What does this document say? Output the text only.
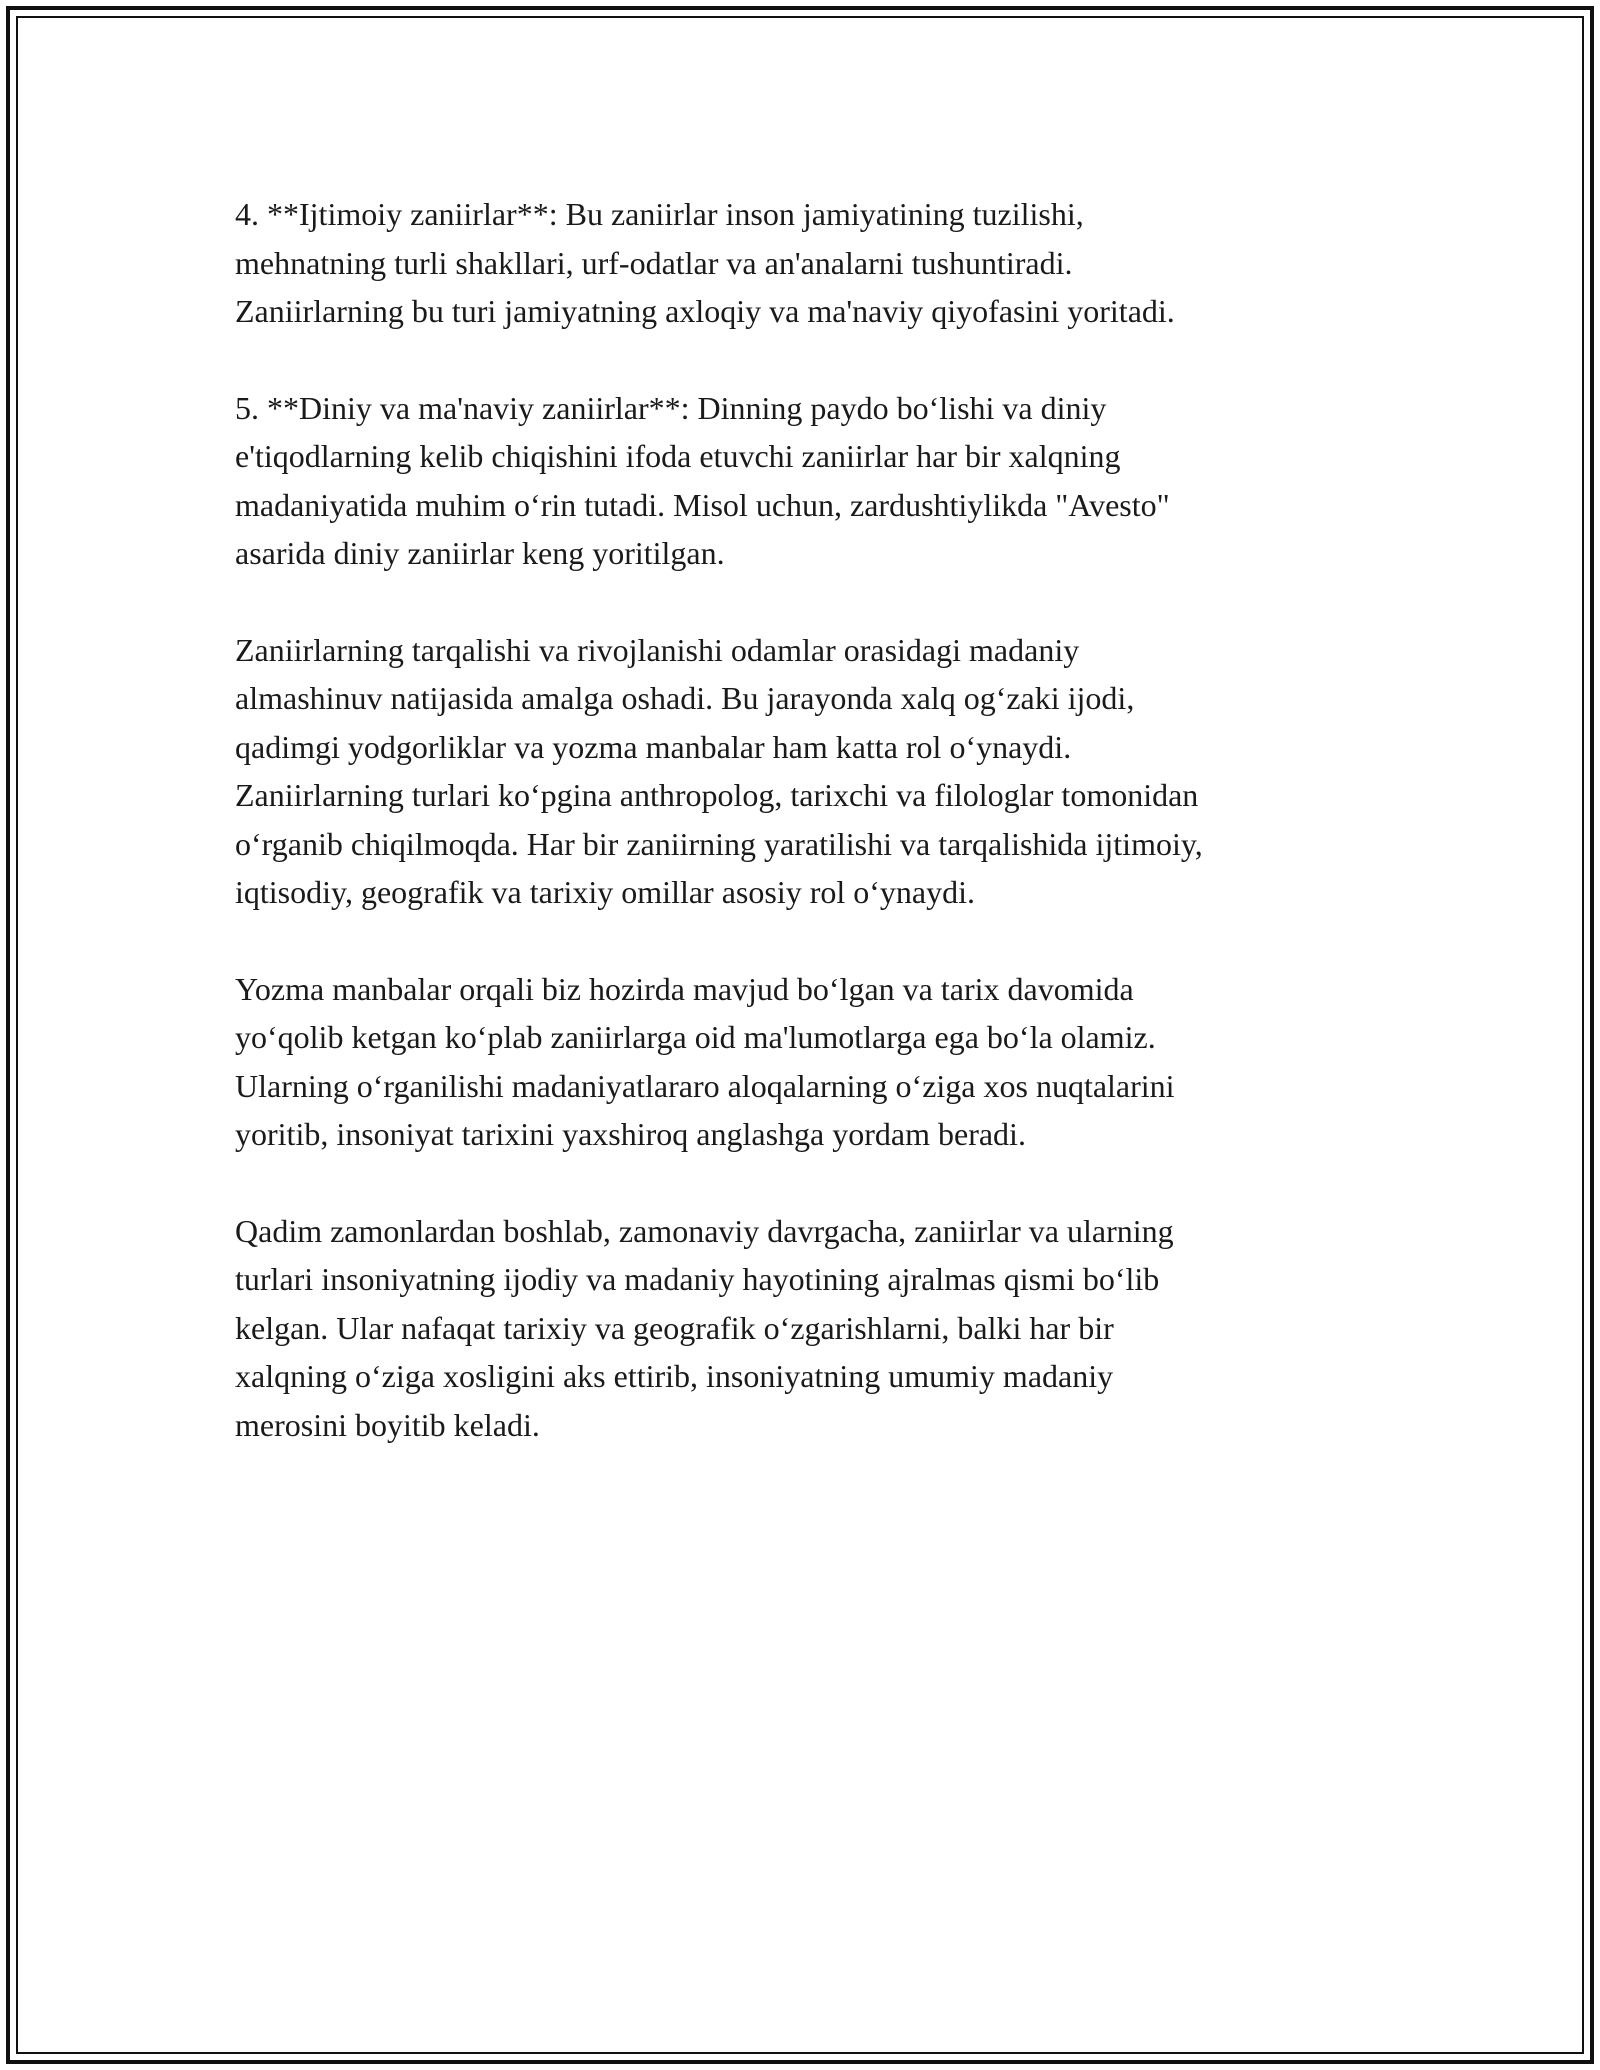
4. **Ijtimoiy zaniirlar**: Bu zaniirlar inson jamiyatining tuzilishi,
mehnatning turli shakllari, urf-odatlar va an'analarni tushuntiradi.
Zaniirlarning bu turi jamiyatning axloqiy va ma'naviy qiyofasini yoritadi.

5. **Diniy va ma'naviy zaniirlar**: Dinning paydo bo‘lishi va diniy
e'tiqodlarning kelib chiqishini ifoda etuvchi zaniirlar har bir xalqning
madaniyatida muhim o‘rin tutadi. Misol uchun, zardushtiylikda "Avesto"
asarida diniy zaniirlar keng yoritilgan.

Zaniirlarning tarqalishi va rivojlanishi odamlar orasidagi madaniy
almashinuv natijasida amalga oshadi. Bu jarayonda xalq og‘zaki ijodi,
qadimgi yodgorliklar va yozma manbalar ham katta rol o‘ynaydi.
Zaniirlarning turlari ko‘pgina anthropolog, tarixchi va filologlar tomonidan
o‘rganib chiqilmoqda. Har bir zaniirning yaratilishi va tarqalishida ijtimoiy,
iqtisodiy, geografik va tarixiy omillar asosiy rol o‘ynaydi.

Yozma manbalar orqali biz hozirda mavjud bo‘lgan va tarix davomida
yo‘qolib ketgan ko‘plab zaniirlarga oid ma'lumotlarga ega bo‘la olamiz.
Ularning o‘rganilishi madaniyatlararo aloqalarning o‘ziga xos nuqtalarini
yoritib, insoniyat tarixini yaxshiroq anglashga yordam beradi.

Qadim zamonlardan boshlab, zamonaviy davrgacha, zaniirlar va ularning
turlari insoniyatning ijodiy va madaniy hayotining ajralmas qismi bo‘lib
kelgan. Ular nafaqat tarixiy va geografik o‘zgarishlarni, balki har bir
xalqning o‘ziga xosligini aks ettirib, insoniyatning umumiy madaniy
merosini boyitib keladi.
